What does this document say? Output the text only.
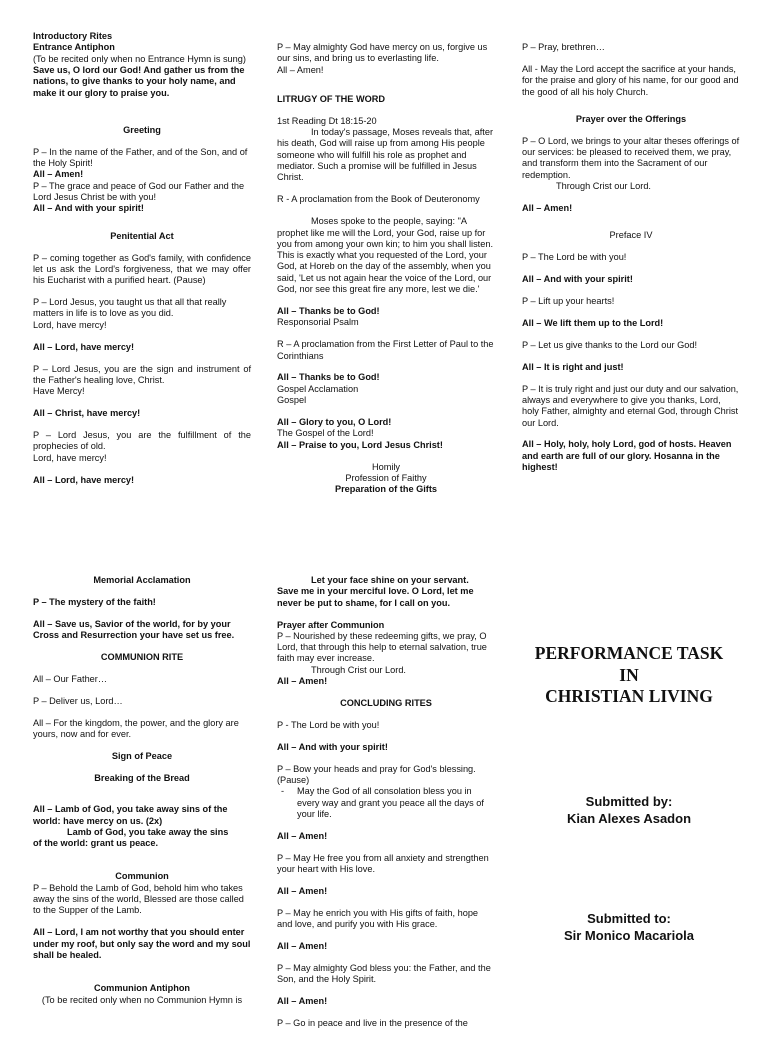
Introductory Rites

Entrance Antiphon

(To be recited only when no Entrance Hymn is sung)

Save us, O lord our God! And gather us from the nations, to give thanks to your holy name, and make it our glory to praise you.

Greeting

P – In the name of the Father, and of the Son, and of the Holy Spirit!

All – Amen!

P – The grace and peace of God our Father and the Lord Jesus Christ be with you!

All – And with your spirit!

Penitential Act

P – coming together as God's family, with confidence let us ask the Lord's forgiveness, that we may offer his Eucharist with a purified heart. (Pause)

P – Lord Jesus, you taught us that all that really matters in life is to love as you did.
Lord, have mercy!

All – Lord, have mercy!

P – Lord Jesus, you are the sign and instrument of the Father's healing love, Christ.
Have Mercy!

All – Christ, have mercy!

P – Lord Jesus, you are the fulfillment of the prophecies of old.
Lord, have mercy!

All – Lord, have mercy!

P – May almighty God have mercy on us, forgive us our sins, and bring us to everlasting life.

All – Amen!

LITRUGY OF THE WORD

1st Reading Dt 18:15-20

In today's passage, Moses reveals that, after his death, God will raise up from among His people someone who will fulfill his role as prophet and mediator. Such a promise will be fulfilled in Jesus Christ.

R - A proclamation from the Book of Deuteronomy

Moses spoke to the people, saying: "A prophet like me will the Lord, your God, raise up for you from among your own kin; to him you shall listen. This is exactly what you requested of the Lord, your God, at Horeb on the day of the assembly, when you said, 'Let us not again hear the voice of the Lord, our God, nor see this great fire any more, lest we die.'

All – Thanks be to God!

Responsorial Psalm

R – A proclamation from the First Letter of Paul to the Corinthians

All – Thanks be to God!

Gospel Acclamation

Gospel

All – Glory to you, O Lord!

The Gospel of the Lord!

All – Praise to you, Lord Jesus Christ!

Homily

Profession of Faithy

Preparation of the Gifts

P – Pray, brethren…

All - May the Lord accept the sacrifice at your hands, for the praise and glory of his name, for our good and the good of all his holy Church.

Prayer over the Offerings

P – O Lord, we brings to your altar theses offerings of our services: be pleased to received them, we pray, and transform them into the Sacrament of our redemption.

Through Crist our Lord.

All – Amen!

Preface IV

P – The Lord be with you!

All – And with your spirit!

P – Lift up your hearts!

All – We lift them up to the Lord!

P – Let us give thanks to the Lord our God!

All – It is right and just!

P – It is truly right and just our duty and our salvation, always and everywhere to give you thanks, Lord, holy Father, almighty and eternal God, through Christ our Lord.

All – Holy, holy, holy Lord, god of hosts. Heaven and earth are full of our glory. Hosanna in the highest!

Memorial Acclamation

P – The mystery of the faith!

All – Save us, Savior of the world, for by your Cross and Resurrection your have set us free.

COMMUNION RITE

All – Our Father…

P – Deliver us, Lord…

All – For the kingdom, the power, and the glory are yours, now and for ever.

Sign of Peace

Breaking of the Bread

All – Lamb of God, you take away sins of the world: have mercy on us. (2x)

Lamb of God, you take away the sins

of the world: grant us peace.

Communion

P – Behold the Lamb of God, behold him who takes away the sins of the world, Blessed are those called to the Supper of the Lamb.

All – Lord, I am not worthy that you should enter under my roof, but only say the word and my soul shall be healed.

Communion Antiphon

(To be recited only when no Communion Hymn is

Let your face shine on your servant.

Save me in your merciful love. O Lord, let me never be put to shame, for I call on you.

Prayer after Communion

P – Nourished by these redeeming gifts, we pray, O Lord, that through this help to eternal salvation, true faith may ever increase.

Through Crist our Lord.

All – Amen!

CONCLUDING RITES

P - The Lord be with you!

All – And with your spirit!

P – Bow your heads and pray for God's blessing. (Pause)

- May the God of all consolation bless you in every way and grant you peace all the days of your life.

All – Amen!

P – May He free you from all anxiety and strengthen your heart with His love.

All – Amen!

P – May he enrich you with His gifts of faith, hope and love, and purify you with His grace.

All – Amen!

P – May almighty God bless you: the Father, and the Son, and the Holy Spirit.

All – Amen!

P – Go in peace and live in the presence of the

PERFORMANCE TASK

IN

CHRISTIAN LIVING

Submitted by:

Kian Alexes Asadon

Submitted to:

Sir Monico Macariola
